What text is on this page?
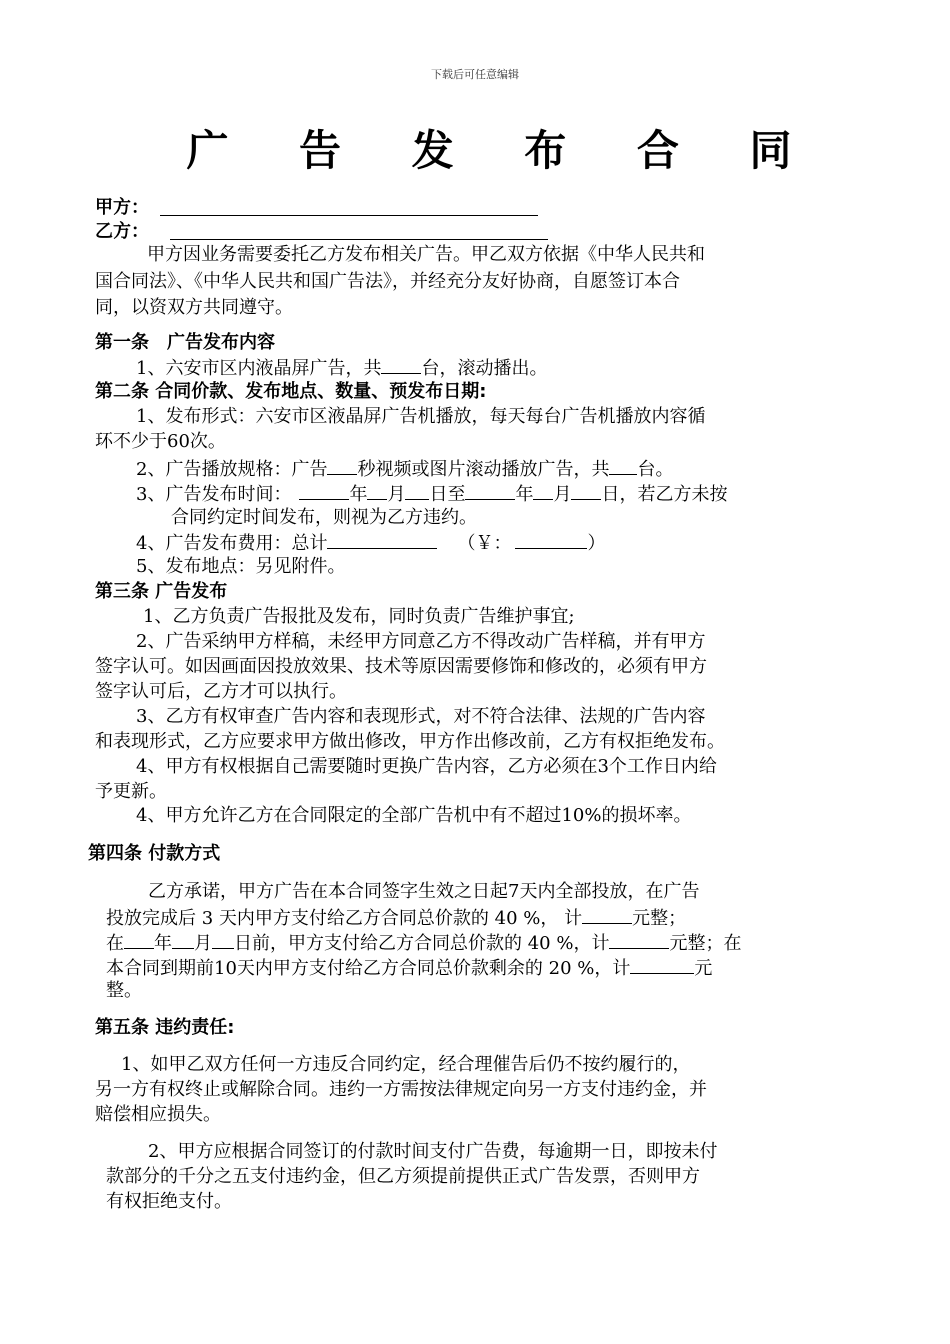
下载后可任意编辑
广 告 发 布 合 同
甲方：
乙方：
甲方因业务需要委托乙方发布相关广告。甲乙双方依据《中华人民共和
国合同法》、《中华人民共和国广告法》，并经充分友好协商，自愿签订本合
同，以资双方共同遵守。
第一条　广告发布内容
1、六安市区内液晶屏广告，共 台，滚动播出。
第二条 合同价款、发布地点、数量、预发布日期:
1、发布形式：六安市区液晶屏广告机播放，每天每台广告机播放内容循
环不少于60次。
2、广告播放规格：广告 秒视频或图片滚动播放广告，共 台。
3、广告发布时间：	年 月 日至	年 月 日，若乙方未按
合同约定时间发布，则视为乙方违约。
4、广告发布费用：总计	（￥：	）
5、发布地点：另见附件。
第三条 广告发布
1、乙方负责广告报批及发布，同时负责广告维护事宜;
2、广告采纳甲方样稿，未经甲方同意乙方不得改动广告样稿，并有甲方
签字认可。如因画面因投放效果、技术等原因需要修饰和修改的，必须有甲方
签字认可后，乙方才可以执行。
3、乙方有权审查广告内容和表现形式，对不符合法律、法规的广告内容
和表现形式，乙方应要求甲方做出修改，甲方作出修改前，乙方有权拒绝发布。
4、甲方有权根据自己需要随时更换广告内容，乙方必须在3个工作日内给
予更新。
4、甲方允许乙方在合同限定的全部广告机中有不超过10%的损坏率。
第四条 付款方式
乙方承诺，甲方广告在本合同签字生效之日起7天内全部投放，在广告
投放完成后 3 天内甲方支付给乙方合同总价款的 40 %， 计	元整；
在 年 月 日前，甲方支付给乙方合同总价款的 40 %，计	元整；在
本合同到期前10天内甲方支付给乙方合同总价款剩余的 20 %，计	元
整。
第五条 违约责任:
1、如甲乙双方任何一方违反合同约定，经合理催告后仍不按约履行的，
另一方有权终止或解除合同。违约一方需按法律规定向另一方支付违约金，并
赔偿相应损失。
2、甲方应根据合同签订的付款时间支付广告费，每逾期一日，即按未付
款部分的千分之五支付违约金，但乙方须提前提供正式广告发票，否则甲方
有权拒绝支付。
